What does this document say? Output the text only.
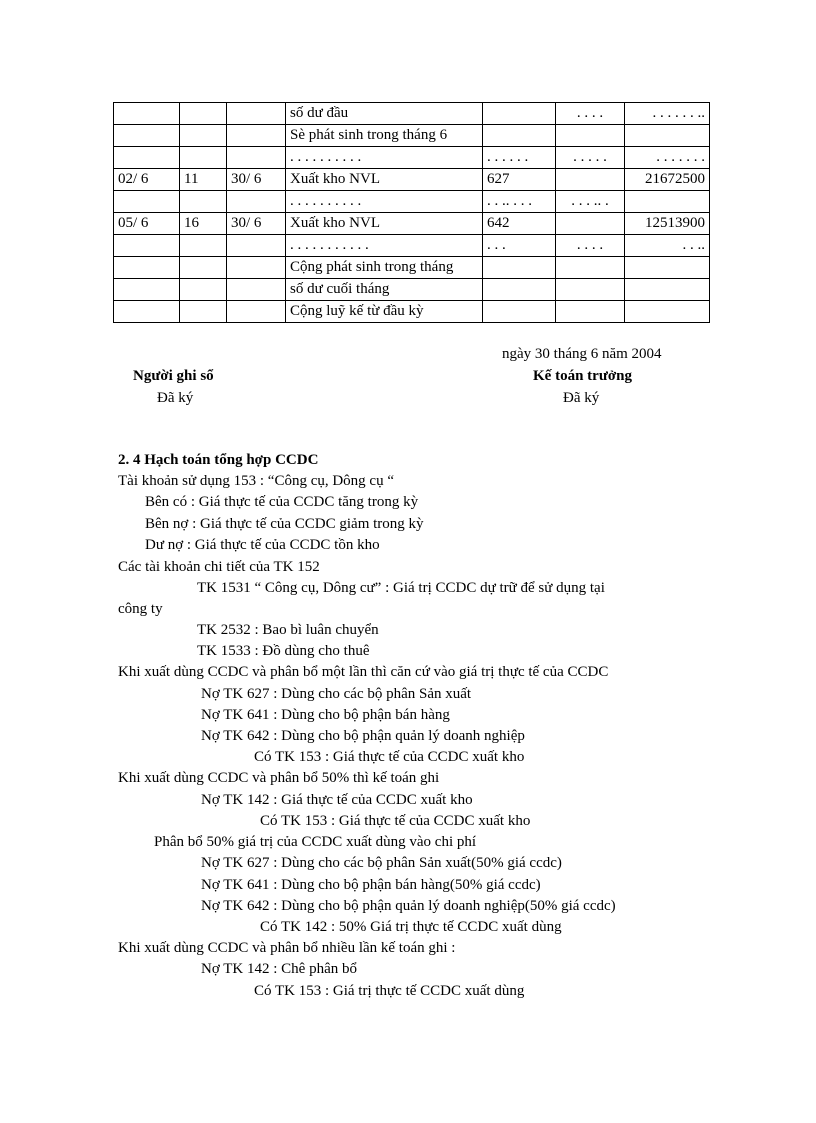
			số dư đầu		. . . .	. . . . . . ..
			Sè phát sinh trong tháng 6			
			. . . . . . . . . .	. . . . . .	. . . . .	. . . . . . .
02/ 6	11	30/ 6	Xuất kho NVL	627		21672500
			. . . . . . . . . .	. . .. . . .	. . . .. .	
05/ 6	16	30/ 6	Xuất kho NVL	642		12513900
			. . . . . . . . . . .	. . .	. . . .	. . ..
			Cộng phát sinh trong tháng			
			số dư cuối tháng			
			Cộng luỹ kế từ đầu kỳ			
ngày 30 tháng 6 năm 2004
Người ghi sổ
Đã ký
Kế toán trưởng
Đã ký
2. 4 Hạch toán tổng hợp CCDC
Tài khoản sử dụng 153 : “Công cụ, Dông cụ “
Bên có : Giá thực tế của CCDC tăng trong kỳ
Bên nợ : Giá thực tế của CCDC giảm trong kỳ
Dư nợ : Giá thực tế của CCDC tồn kho
Các tài khoản chi tiết của TK 152
TK 1531 “ Công cụ, Dông cư” : Giá trị CCDC dự trữ để sử dụng tại
công ty
TK 2532 : Bao bì luân chuyển
TK 1533 : Đồ dùng cho thuê
Khi xuất dùng CCDC và phân bổ một lần thì căn cứ vào giá trị thực tế của CCDC
Nợ TK 627 : Dùng cho các bộ phân Sản xuất
Nợ TK 641 : Dùng cho bộ phận bán hàng
Nợ TK 642 : Dùng cho bộ phận quản lý doanh nghiệp
Có TK 153 : Giá thực tế của CCDC xuất kho
Khi xuất dùng CCDC và phân bổ 50% thì kế toán ghi
Nợ TK 142 : Giá thực tế của CCDC xuất kho
Có TK 153 : Giá thực tế của CCDC xuất kho
Phân bổ 50% giá trị của CCDC xuất dùng vào chi phí
Nợ TK 627 : Dùng cho các bộ phân Sản xuất(50% giá ccdc)
Nợ TK 641 : Dùng cho bộ phận bán hàng(50% giá ccdc)
Nợ TK 642 : Dùng cho bộ phận quản lý doanh nghiệp(50% giá ccdc)
Có TK 142 : 50% Giá trị thực tế CCDC xuất dùng
Khi xuất dùng CCDC và phân bổ nhiều lần kế toán ghi :
Nợ TK 142 : Chê phân bổ
Có TK 153 : Giá trị thực tế CCDC xuất dùng
